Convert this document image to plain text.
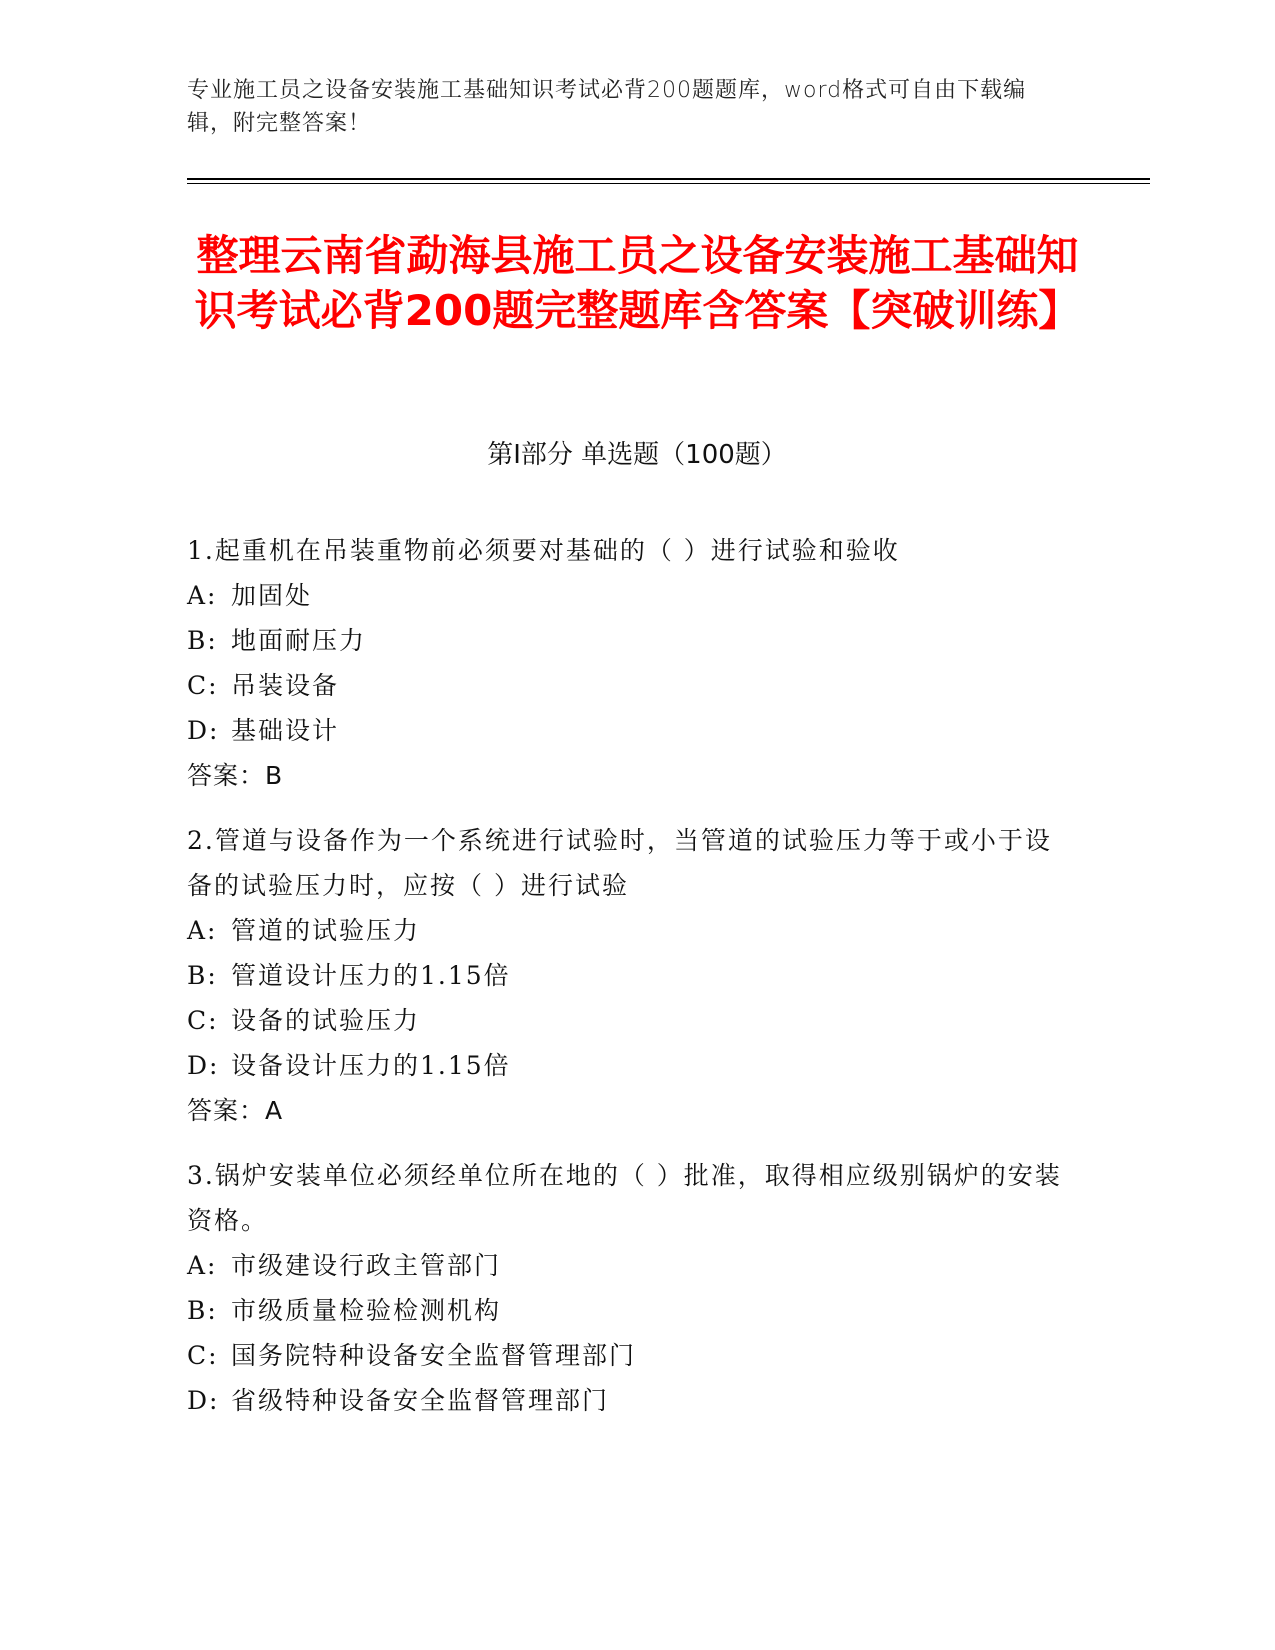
专业施工员之设备安装施工基础知识考试必背200题题库，word格式可自由下载编辑，附完整答案！
整理云南省勐海县施工员之设备安装施工基础知识考试必背200题完整题库含答案【突破训练】
第Ⅰ部分 单选题（100题）

1.起重机在吊装重物前必须要对基础的（ ）进行试验和验收

A: 加固处

B: 地面耐压力

C: 吊装设备

D: 基础设计

答案：B

2.管道与设备作为一个系统进行试验时，当管道的试验压力等于或小于设备的试验压力时，应按（ ）进行试验

A: 管道的试验压力

B: 管道设计压力的1.15倍

C: 设备的试验压力

D: 设备设计压力的1.15倍

答案：A

3.锅炉安装单位必须经单位所在地的（ ）批准，取得相应级别锅炉的安装资格。

A: 市级建设行政主管部门

B: 市级质量检验检测机构

C: 国务院特种设备安全监督管理部门

D: 省级特种设备安全监督管理部门
